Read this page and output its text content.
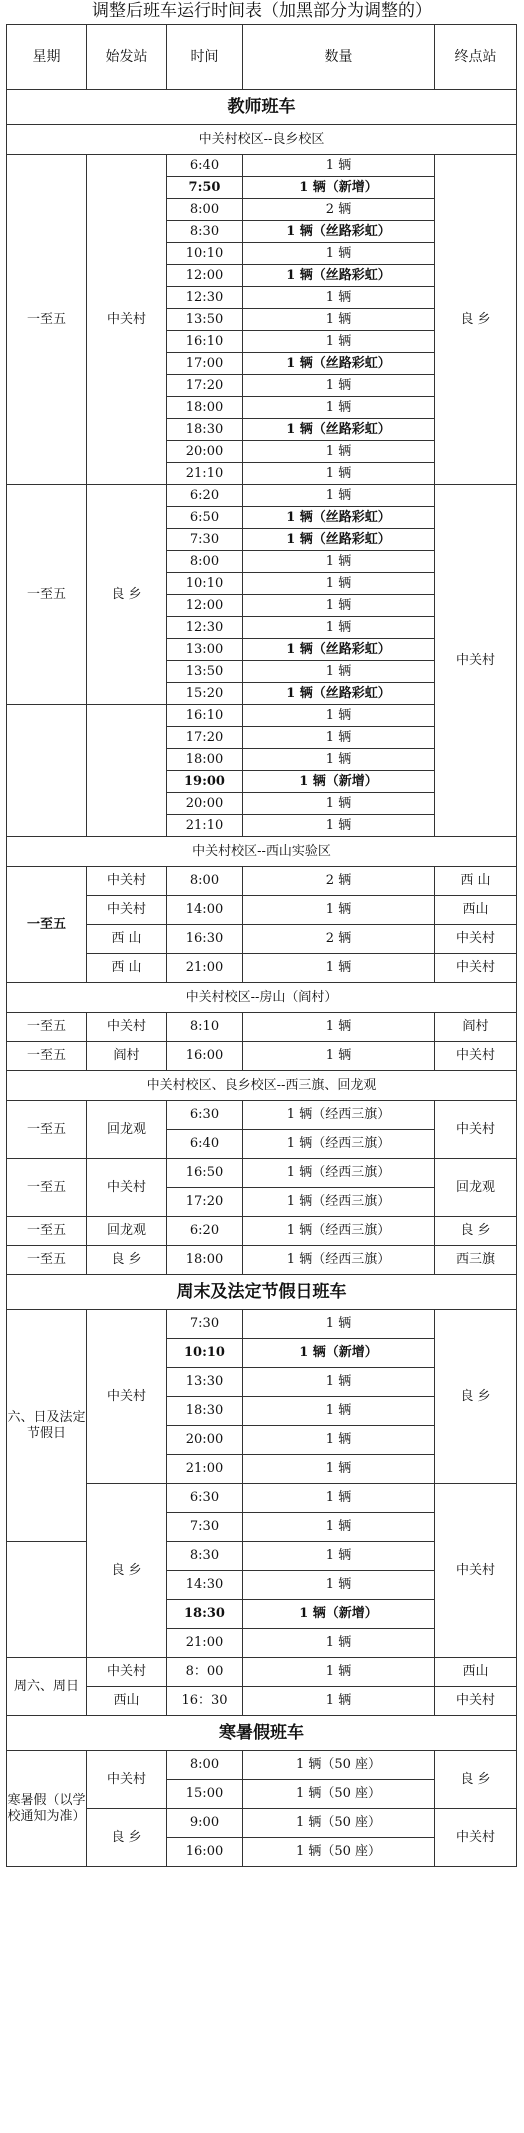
调整后班车运行时间表（加黑部分为调整的）
星期	始发站	时间	数量	终点站
教师班车				
中关村校区--良乡校区				
一至五	中关村	6:40	1 辆	良 乡
		7:50	1 辆（新增）	
		8:00	2 辆	
		8:30	1 辆（丝路彩虹）	
		10:10	1 辆	
		12:00	1 辆（丝路彩虹）	
		12:30	1 辆	
		13:50	1 辆	
		16:10	1 辆	
		17:00	1 辆（丝路彩虹）	
		17:20	1 辆	
		18:00	1 辆	
		18:30	1 辆（丝路彩虹）	
		20:00	1 辆	
		21:10	1 辆	
一至五	良 乡	6:20	1 辆	中关村
		6:50	1 辆（丝路彩虹）	
		7:30	1 辆（丝路彩虹）	
		8:00	1 辆	
		10:10	1 辆	
		12:00	1 辆	
		12:30	1 辆	
		13:00	1 辆（丝路彩虹）	
		13:50	1 辆	
		15:20	1 辆（丝路彩虹）	
		16:10	1 辆	
		17:20	1 辆	
		18:00	1 辆	
		19:00	1 辆（新增）	
		20:00	1 辆	
		21:10	1 辆	
中关村校区--西山实验区				
一至五	中关村	8:00	2 辆	西 山
	中关村	14:00	1 辆	西山
	西 山	16:30	2 辆	中关村
	西 山	21:00	1 辆	中关村
中关村校区--房山（阎村）				
一至五	中关村	8:10	1 辆	阎村
一至五	阎村	16:00	1 辆	中关村
中关村校区、良乡校区--西三旗、回龙观				
一至五	回龙观	6:30	1 辆（经西三旗）	中关村
		6:40	1 辆（经西三旗）	
一至五	中关村	16:50	1 辆（经西三旗）	回龙观
		17:20	1 辆（经西三旗）	
一至五	回龙观	6:20	1 辆（经西三旗）	良 乡
一至五	良 乡	18:00	1 辆（经西三旗）	西三旗
周末及法定节假日班车				
六、日及法定节假日	中关村	7:30	1 辆	良 乡
		10:10	1 辆（新增）	
		13:30	1 辆	
		18:30	1 辆	
		20:00	1 辆	
		21:00	1 辆	
	良 乡	6:30	1 辆	中关村
		7:30	1 辆	
		8:30	1 辆	
		14:30	1 辆	
		18:30	1 辆（新增）	
		21:00	1 辆	
周六、周日	中关村	8：00	1 辆	西山
	西山	16：30	1 辆	中关村
寒暑假班车				
寒暑假（以学校通知为准）	中关村	8:00	1 辆（50 座）	良 乡
		15:00	1 辆（50 座）	
	良 乡	9:00	1 辆（50 座）	中关村
		16:00	1 辆（50 座）	
